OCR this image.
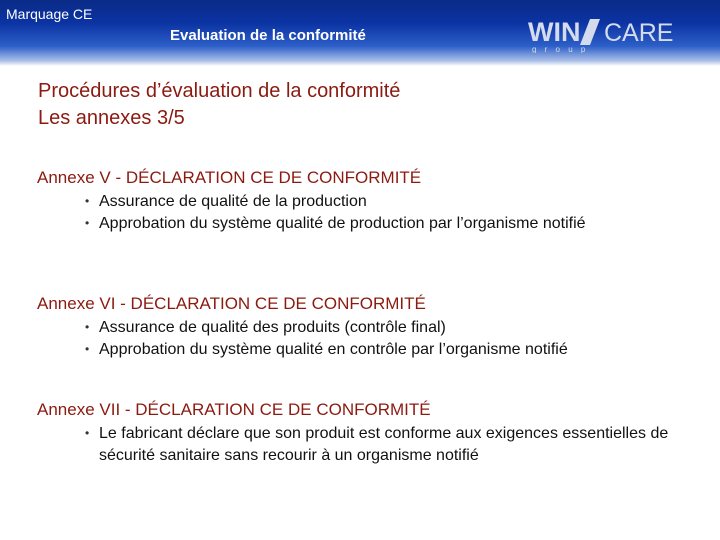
Marquage CE
Evaluation de la conformité	WIN CARE
g r o u p
Procédures d’évaluation de la conformité
Les annexes 3/5
Annexe V - DÉCLARATION CE DE CONFORMITÉ
• Assurance de qualité de la production
• Approbation du système qualité de production par l’organisme notifié
Annexe VI - DÉCLARATION CE DE CONFORMITÉ
• Assurance de qualité des produits (contrôle final)
• Approbation du système qualité en contrôle par l’organisme notifié
Annexe VII - DÉCLARATION CE DE CONFORMITÉ
• Le fabricant déclare que son produit est conforme aux exigences essentielles de sécurité sanitaire sans recourir à un organisme notifié
